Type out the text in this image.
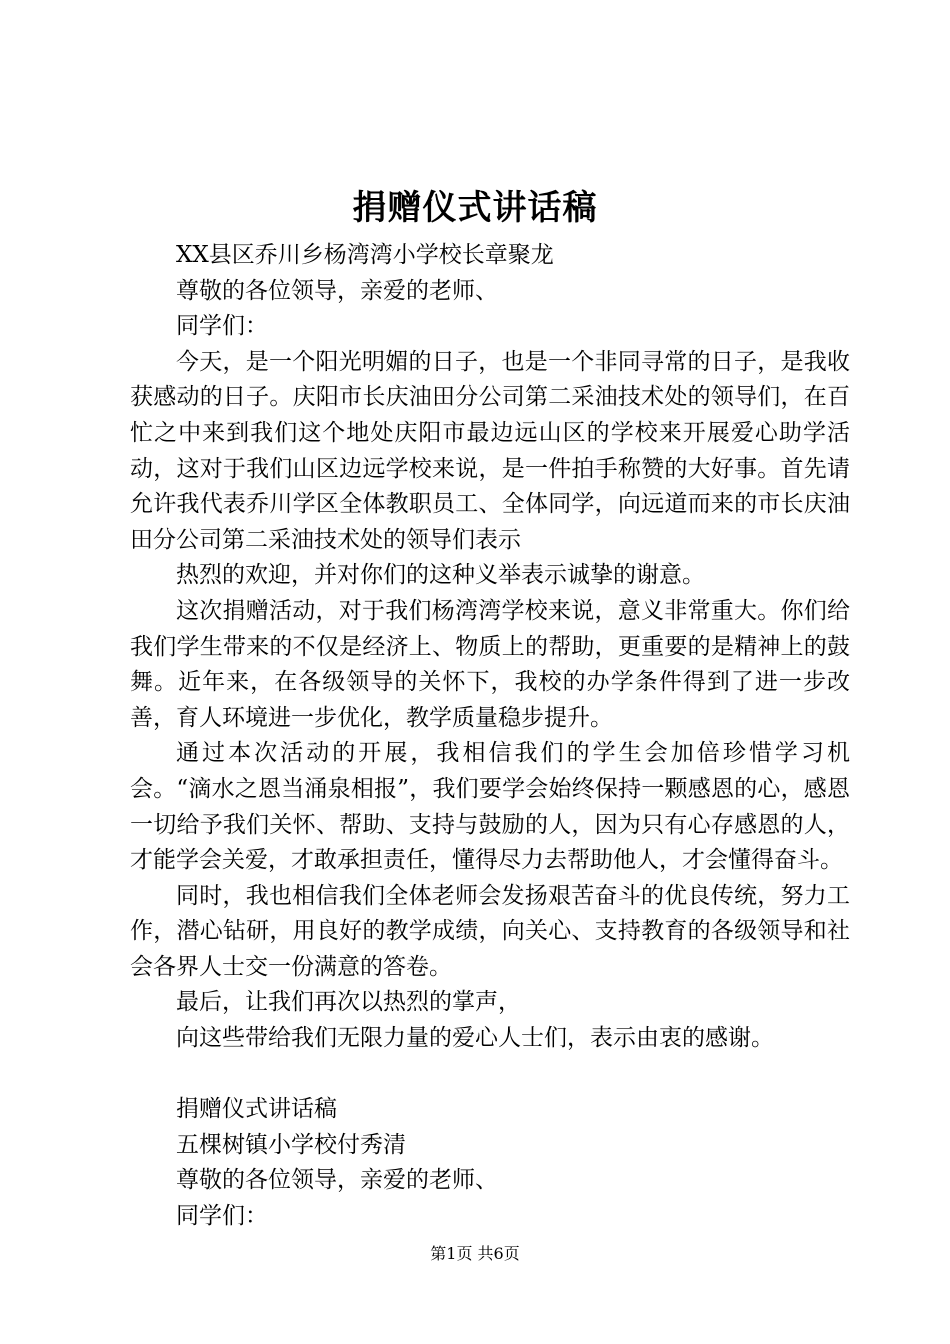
捐赠仪式讲话稿

XX县区乔川乡杨湾湾小学校长章聚龙

尊敬的各位领导，亲爱的老师、

同学们：

今天，是一个阳光明媚的日子，也是一个非同寻常的日子，是我收获感动的日子。庆阳市长庆油田分公司第二采油技术处的领导们，在百忙之中来到我们这个地处庆阳市最边远山区的学校来开展爱心助学活动，这对于我们山区边远学校来说，是一件拍手称赞的大好事。首先请允许我代表乔川学区全体教职员工、全体同学，向远道而来的市长庆油田分公司第二采油技术处的领导们表示

热烈的欢迎，并对你们的这种义举表示诚挚的谢意。

这次捐赠活动，对于我们杨湾湾学校来说，意义非常重大。你们给我们学生带来的不仅是经济上、物质上的帮助，更重要的是精神上的鼓舞。近年来，在各级领导的关怀下，我校的办学条件得到了进一步改善，育人环境进一步优化，教学质量稳步提升。

通过本次活动的开展，我相信我们的学生会加倍珍惜学习机会。“滴水之恩当涌泉相报”，我们要学会始终保持一颗感恩的心，感恩一切给予我们关怀、帮助、支持与鼓励的人，因为只有心存感恩的人，才能学会关爱，才敢承担责任，懂得尽力去帮助他人，才会懂得奋斗。

同时，我也相信我们全体老师会发扬艰苦奋斗的优良传统，努力工作，潜心钻研，用良好的教学成绩，向关心、支持教育的各级领导和社会各界人士交一份满意的答卷。

最后，让我们再次以热烈的掌声，

向这些带给我们无限力量的爱心人士们，表示由衷的感谢。

捐赠仪式讲话稿

五棵树镇小学校付秀清

尊敬的各位领导，亲爱的老师、

同学们：

第1页 共6页
